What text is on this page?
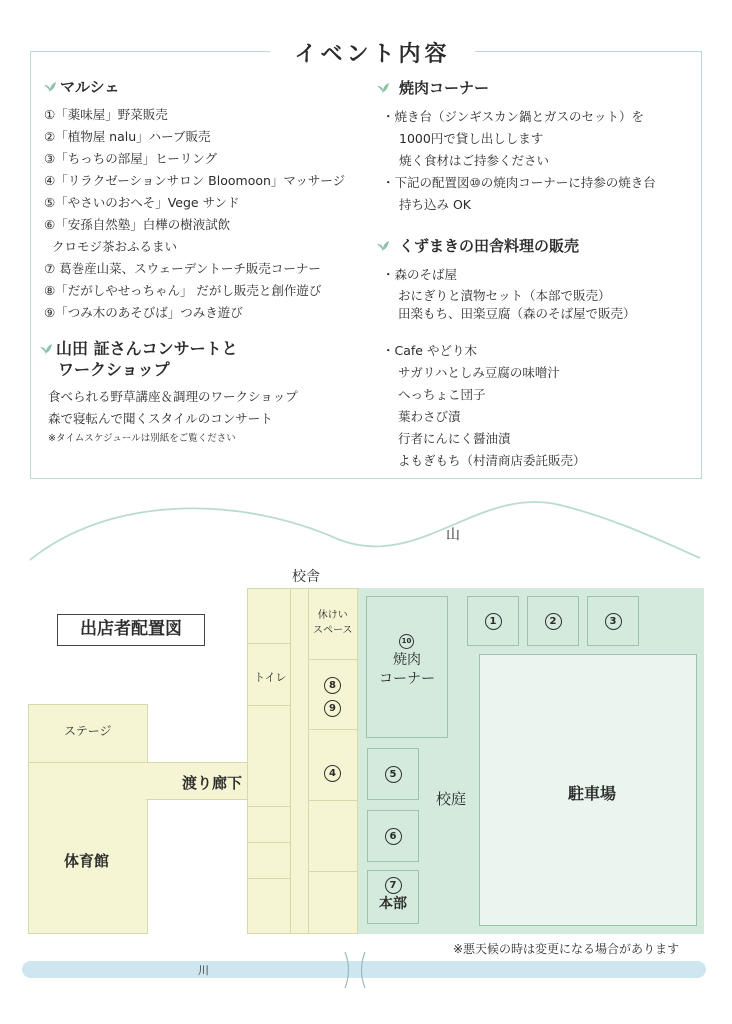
イベント内容
マルシェ
①「薬味屋」野菜販売
②「植物屋 nalu」ハーブ販売
③「ちっちの部屋」ヒーリング
④「リラクゼーションサロン Bloomoon」マッサージ
⑤「やさいのおへそ」Vege サンド
⑥「安孫自然塾」白樺の樹液試飲
クロモジ茶おふるまい
⑦ 葛巻産山菜、スウェーデントーチ販売コーナー
⑧「だがしやせっちゃん」 だがし販売と創作遊び
⑨「つみ木のあそびば」つみき遊び
山田 証さんコンサートと
ワークショップ
食べられる野草講座＆調理のワークショップ
森で寝転んで聞くスタイルのコンサート
※タイムスケジュールは別紙をご覧ください
焼肉コーナー
・焼き台（ジンギスカン鍋とガスのセット）を
1000円で貸し出しします
焼く食材はご持参ください
・下記の配置図⑩の焼肉コーナーに持参の焼き台
持ち込み OK
くずまきの田舎料理の販売
・森のそば屋
おにぎりと漬物セット（本部で販売）
田楽もち、田楽豆腐（森のそば屋で販売）
・Cafe やどり木
サガリハとしみ豆腐の味噌汁
へっちょこ団子
葉わさび漬
行者にんにく醤油漬
よもぎもち（村清商店委託販売）
山
校舎
出店者配置図
ステージ
体育館
渡り廊下
トイレ
休けい
スペース
8
9
4
校庭
10
焼肉
コーナー
1	2	3
5
6
7
本部
駐車場
※悪天候の時は変更になる場合があります
川
